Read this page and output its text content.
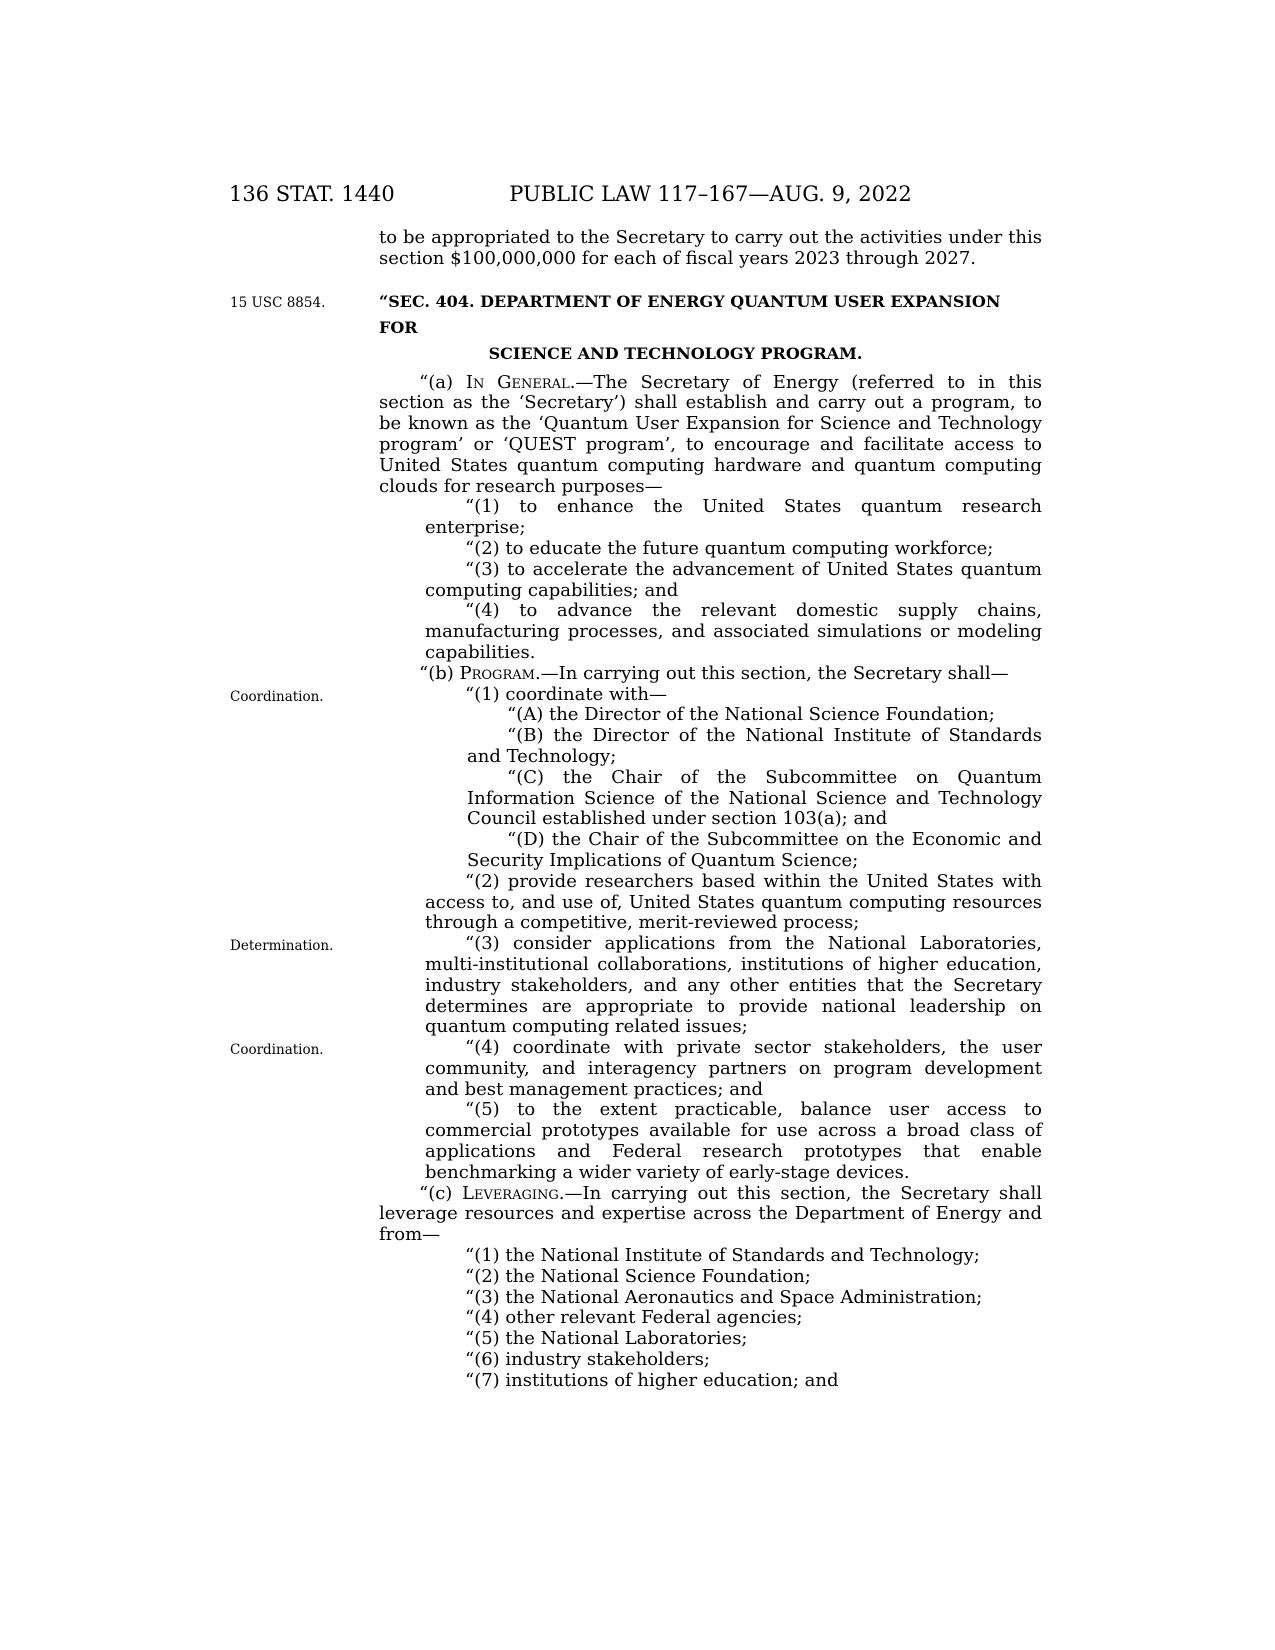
136 STAT. 1440	PUBLIC LAW 117–167—AUG. 9, 2022
to be appropriated to the Secretary to carry out the activities under this section $100,000,000 for each of fiscal years 2023 through 2027.
“SEC. 404. DEPARTMENT OF ENERGY QUANTUM USER EXPANSION FOR
SCIENCE AND TECHNOLOGY PROGRAM.
15 USC 8854.
“(a) In General.—The Secretary of Energy (referred to in this section as the ‘Secretary’) shall establish and carry out a program, to be known as the ‘Quantum User Expansion for Science and Technology program’ or ‘QUEST program’, to encourage and facilitate access to United States quantum computing hardware and quantum computing clouds for research purposes—
“(1) to enhance the United States quantum research enterprise;
“(2) to educate the future quantum computing workforce;
“(3) to accelerate the advancement of United States quantum computing capabilities; and
“(4) to advance the relevant domestic supply chains, manufacturing processes, and associated simulations or modeling capabilities.
“(b) Program.—In carrying out this section, the Secretary shall—
“(1) coordinate with—
Coordination.
“(A) the Director of the National Science Foundation;
“(B) the Director of the National Institute of Standards and Technology;
“(C) the Chair of the Subcommittee on Quantum Information Science of the National Science and Technology Council established under section 103(a); and
“(D) the Chair of the Subcommittee on the Economic and Security Implications of Quantum Science;
“(2) provide researchers based within the United States with access to, and use of, United States quantum computing resources through a competitive, merit-reviewed process;
“(3) consider applications from the National Laboratories, multi-institutional collaborations, institutions of higher education, industry stakeholders, and any other entities that the Secretary determines are appropriate to provide national leadership on quantum computing related issues;
Determination.
“(4) coordinate with private sector stakeholders, the user community, and interagency partners on program development and best management practices; and
Coordination.
“(5) to the extent practicable, balance user access to commercial prototypes available for use across a broad class of applications and Federal research prototypes that enable benchmarking a wider variety of early-stage devices.
“(c) Leveraging.—In carrying out this section, the Secretary shall leverage resources and expertise across the Department of Energy and from—
“(1) the National Institute of Standards and Technology;
“(2) the National Science Foundation;
“(3) the National Aeronautics and Space Administration;
“(4) other relevant Federal agencies;
“(5) the National Laboratories;
“(6) industry stakeholders;
“(7) institutions of higher education; and
